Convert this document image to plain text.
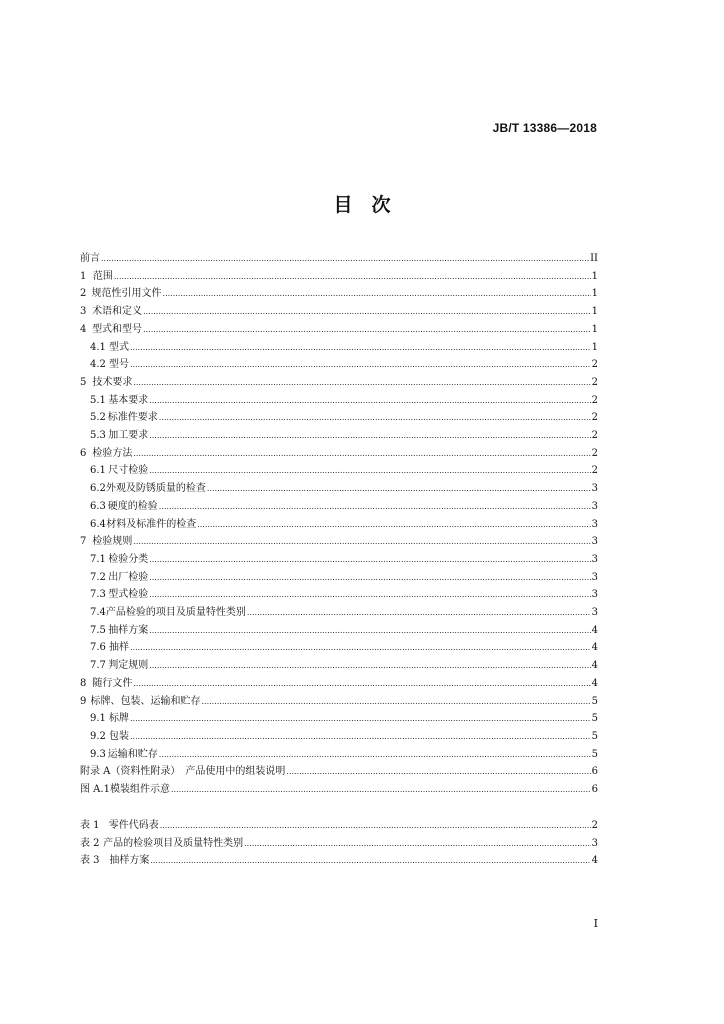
JB/T 13386—2018
目　次
前言 .....	II
1 范围 .....	1
2 规范性引用文件 .....	1
3 术语和定义 .....	1
4 型式和型号 .....	1
4.1 型式 .....	1
4.2 型号 .....	2
5 技术要求 .....	2
5.1 基本要求 .....	2
5.2 标准件要求 .....	2
5.3 加工要求 .....	2
6 检验方法 .....	2
6.1 尺寸检验 .....	2
6.2 外观及防锈质量的检查 .....	3
6.3 硬度的检验 .....	3
6.4 材料及标准件的检查 .....	3
7 检验规则 .....	3
7.1 检验分类 .....	3
7.2 出厂检验 .....	3
7.3 型式检验 .....	3
7.4 产品检验的项目及质量特性类别 .....	3
7.5 抽样方案 .....	4
7.6 抽样 .....	4
7.7 判定规则 .....	4
8 随行文件 .....	4
9 标牌、包装、运输和贮存 .....	5
9.1 标牌 .....	5
9.2 包装 .....	5
9.3 运输和贮存 .....	5
附录 A（资料性附录）　产品使用中的组装说明 .....	6
图 A.1 模装组件示意 .....	6
表 1 零件代码表 .....	2
表 2 产品的检验项目及质量特性类别 .....	3
表 3 抽样方案 .....	4
I
